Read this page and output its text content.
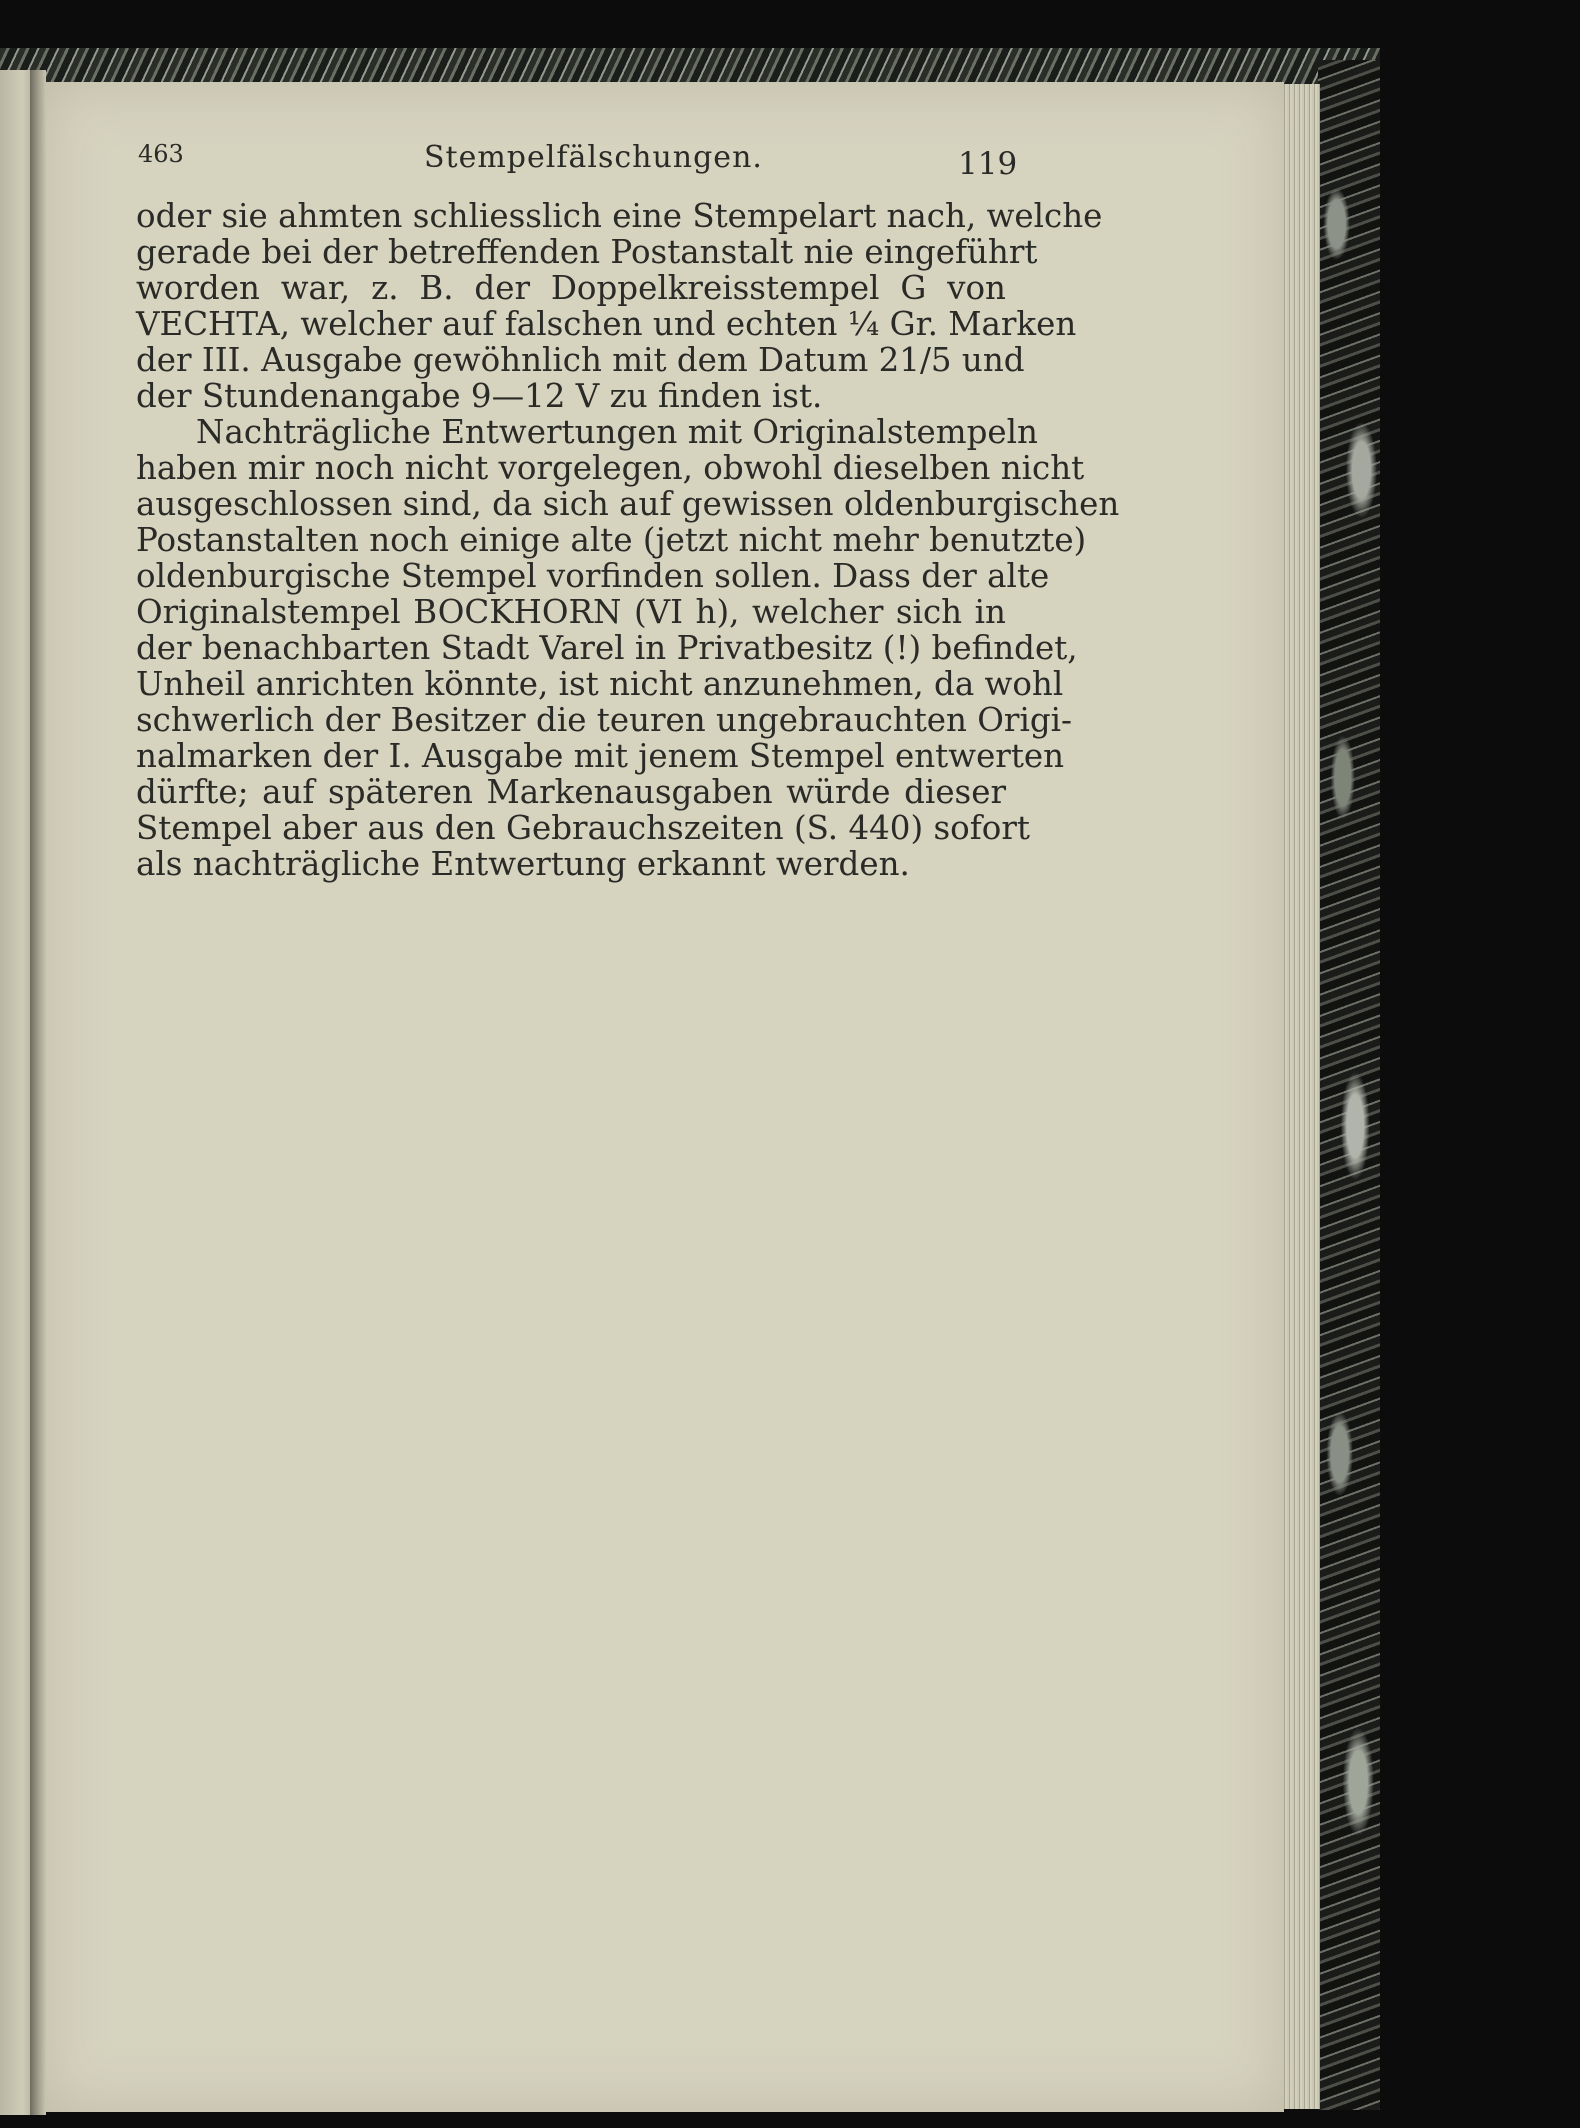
463	Stempelfälschungen.	119
oder sie ahmten schliesslich eine Stempelart nach, welche
gerade bei der betreffenden Postanstalt nie eingeführt
worden war, z. B. der Doppelkreisstempel G von
VECHTA, welcher auf falschen und echten ¼ Gr. Marken
der III. Ausgabe gewöhnlich mit dem Datum 21/5 und
der Stundenangabe 9—12 V zu finden ist.
Nachträgliche Entwertungen mit Originalstempeln
haben mir noch nicht vorgelegen, obwohl dieselben nicht
ausgeschlossen sind, da sich auf gewissen oldenburgischen
Postanstalten noch einige alte (jetzt nicht mehr benutzte)
oldenburgische Stempel vorfinden sollen. Dass der alte
Originalstempel BOCKHORN (VI h), welcher sich in
der benachbarten Stadt Varel in Privatbesitz (!) befindet,
Unheil anrichten könnte, ist nicht anzunehmen, da wohl
schwerlich der Besitzer die teuren ungebrauchten Origi-
nalmarken der I. Ausgabe mit jenem Stempel entwerten
dürfte; auf späteren Markenausgaben würde dieser
Stempel aber aus den Gebrauchszeiten (S. 440) sofort
als nachträgliche Entwertung erkannt werden.
